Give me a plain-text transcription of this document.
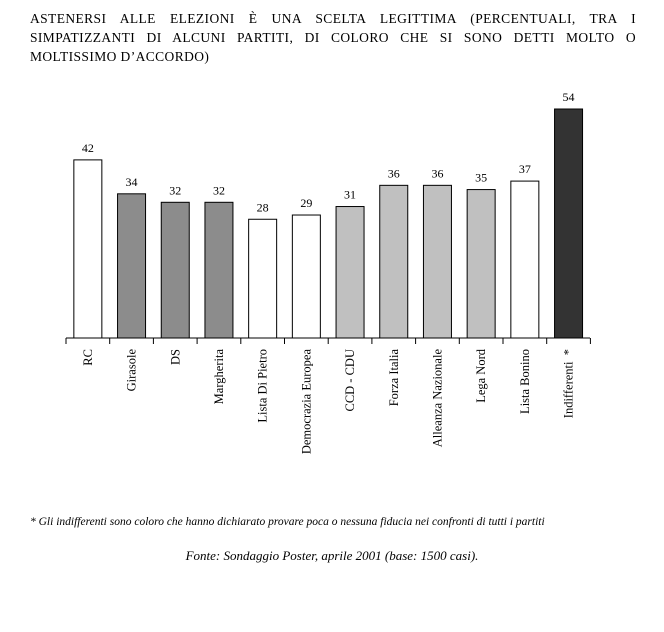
ASTENERSI ALLE ELEZIONI È UNA SCELTA LEGITTIMA (PERCENTUALI, TRA I SIMPATIZZANTI DI ALCUNI PARTITI, DI COLORO CHE SI SONO DETTI MOLTO O MOLTISSIMO D’ACCORDO)

42
RC
34
Girasole
32
DS
32
Margherita
28
Lista Di Pietro
29
Democrazia Europea
31
CCD - CDU
36
Forza Italia
36
Alleanza Nazionale
35
Lega Nord
37
Lista Bonino
54
Indifferenti  *
* Gli indifferenti sono coloro che hanno dichiarato provare poca o nessuna fiducia nei confronti di tutti i partiti
Fonte: Sondaggio Poster, aprile 2001 (base: 1500 casi).
